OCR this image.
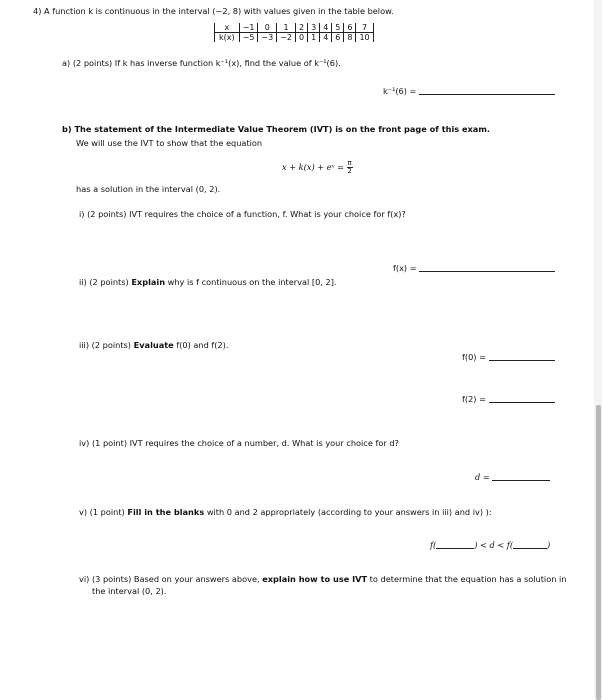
4) A function k is continuous in the interval (−2, 8) with values given in the table below.
x	−1	0	1	2	3	4	5	6	7
k(x)	−5	−3	−2	0	1	4	6	8	10
a) (2 points) If k has inverse function k⁻¹(x), find the value of k⁻¹(6).
k⁻¹(6) =
b) The statement of the Intermediate Value Theorem (IVT) is on the front page of this exam.
We will use the IVT to show that the equation
x + k(x) + eˣ = $\frac{\pi}{2}$
has a solution in the interval (0, 2).
i) (2 points) IVT requires the choice of a function, f. What is your choice for f(x)?
f(x) =
ii) (2 points) Explain why is f continuous on the interval [0, 2].
iii) (2 points) Evaluate f(0) and f(2).
f(0) =
f(2) =
iv) (1 point) IVT requires the choice of a number, d. What is your choice for d?
d =
v) (1 point) Fill in the blanks with 0 and 2 appropriately (according to your answers in iii) and iv) ):
f(	) < d < f(	)
vi) (3 points) Based on your answers above, explain how to use IVT to determine that the equation has a solution in
the interval (0, 2).
